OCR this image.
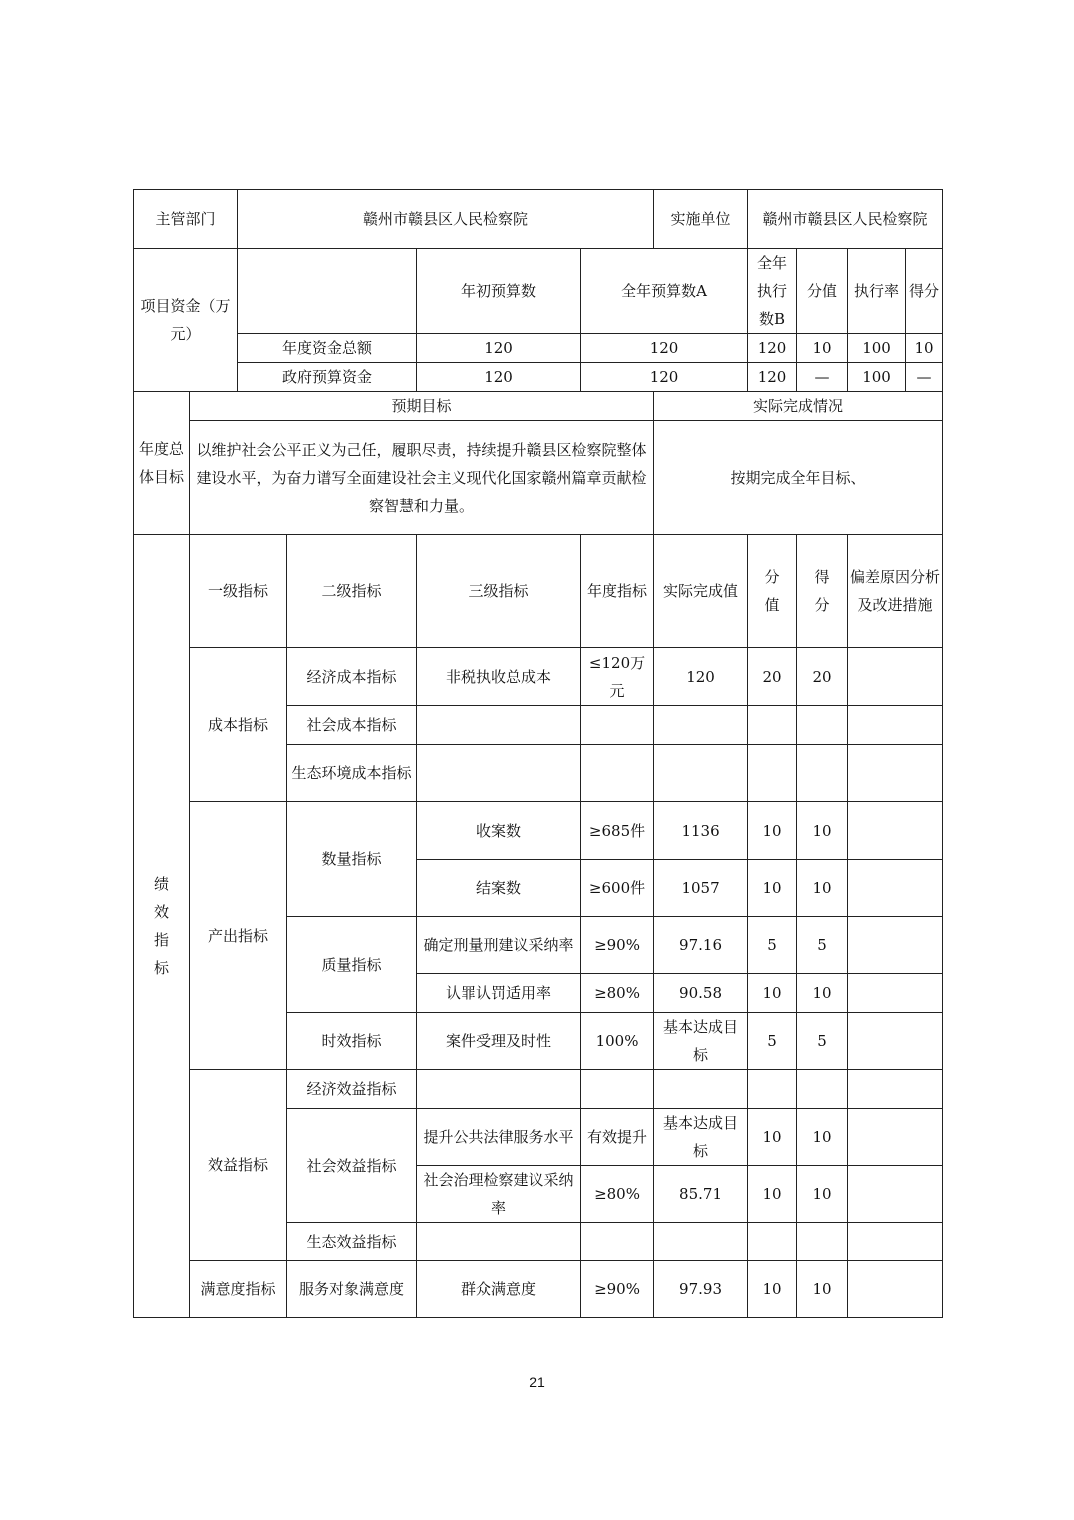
主管部门		赣州市赣县区人民检察院				实施单位	赣州市赣县区人民检察院			
项目资金（万元）				年初预算数	全年预算数A		全年执行数B	分值	执行率	得分
		年度资金总额		120	120		120	10	100	10
		政府预算资金		120	120		120	—	100	—
年度总体目标	预期目标					实际完成情况				
	以维护社会公平正义为己任，履职尽责，持续提升赣县区检察院整体建设水平，为奋力谱写全面建设社会主义现代化国家赣州篇章贡献检察智慧和力量。					按期完成全年目标、				

绩效指标	一级指标		二级指标	三级指标	年度指标	实际完成值	分值	得分	偏差原因分析及改进措施	
	成本指标		经济成本指标	非税执收总成本	≤120万元	120	20	20		
			社会成本指标							
			生态环境成本指标							
	产出指标		数量指标	收案数	≥685件	1136	10	10		
				结案数	≥600件	1057	10	10		
			质量指标	确定刑量刑建议采纳率	≥90%	97.16	5	5		
				认罪认罚适用率	≥80%	90.58	10	10		
			时效指标	案件受理及时性	100%	基本达成目标	5	5		
	效益指标		经济效益指标							
			社会效益指标	提升公共法律服务水平	有效提升	基本达成目标	10	10		
				社会治理检察建议采纳率	≥80%	85.71	10	10		
			生态效益指标							
	满意度指标		服务对象满意度	群众满意度	≥90%	97.93	10	10		
21
